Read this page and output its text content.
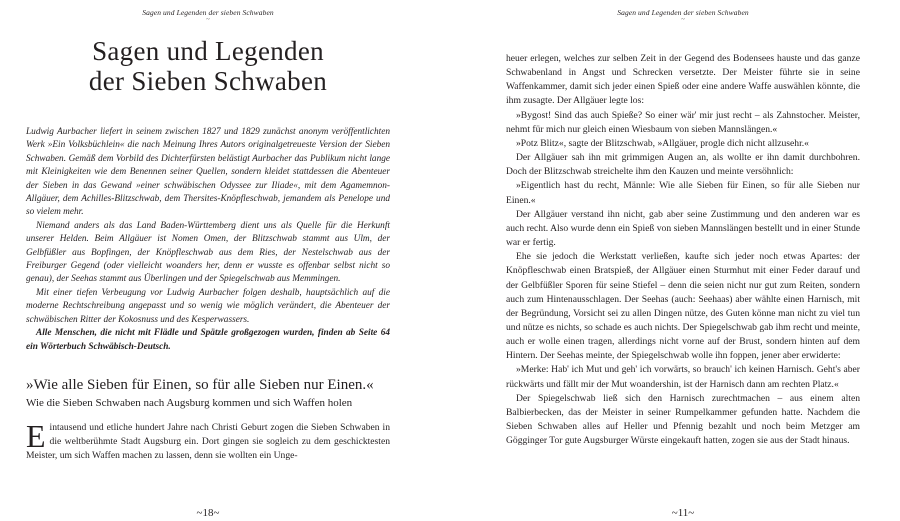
Sagen und Legenden der sieben Schwaben
~
Sagen und Legenden
der Sieben Schwaben

Ludwig Aurbacher liefert in seinem zwischen 1827 und 1829 zunächst anonym veröffentlichten Werk »Ein Volksbüchlein« die nach Meinung Ihres Autors originalgetreueste Version der Sieben Schwaben. Gemäß dem Vorbild des Dichterfürsten belästigt Aurbacher das Publikum nicht lange mit Kleinigkeiten wie dem Benennen seiner Quellen, sondern kleidet stattdessen die Abenteuer der Sieben in das Gewand »einer schwäbischen Odyssee zur Iliade«, mit dem Agamemnon-Allgäuer, dem Achilles-Blitzschwab, dem Thersites-Knöpfleschwab, jemandem als Penelope und so vielem mehr.

Niemand anders als das Land Baden-Württemberg dient uns als Quelle für die Herkunft unserer Helden. Beim Allgäuer ist Nomen Omen, der Blitzschwab stammt aus Ulm, der Gelbfüßler aus Bopfingen, der Knöpfleschwab aus dem Ries, der Nestelschwab aus der Freiburger Gegend (oder vielleicht woanders her, denn er wusste es offenbar selbst nicht so genau), der Seehas stammt aus Überlingen und der Spiegelschwab aus Memmingen.

Mit einer tiefen Verbeugung vor Ludwig Aurbacher folgen deshalb, hauptsächlich auf die moderne Rechtschreibung angepasst und so wenig wie möglich verändert, die Abenteuer der schwäbischen Ritter der Kokosnuss und des Kesperwassers.

Alle Menschen, die nicht mit Flädle und Spätzle großgezogen wurden, finden ab Seite 64 ein Wörterbuch Schwäbisch-Deutsch.

»Wie alle Sieben für Einen, so für alle Sieben nur Einen.«
Wie die Sieben Schwaben nach Augsburg kommen und sich Waffen holen

Eintausend und etliche hundert Jahre nach Christi Geburt zogen die Sieben Schwaben in die weltberühmte Stadt Augsburg ein. Dort gingen sie sogleich zu dem geschicktesten Meister, um sich Waffen machen zu lassen, denn sie wollten ein Unge-

~18~
Sagen und Legenden der sieben Schwaben
~

heuer erlegen, welches zur selben Zeit in der Gegend des Bodensees hauste und das ganze Schwabenland in Angst und Schrecken versetzte. Der Meister führte sie in seine Waffenkammer, damit sich jeder einen Spieß oder eine andere Waffe auswählen könnte, die ihm zusagte. Der Allgäuer legte los:

»Bygost! Sind das auch Spieße? So einer wär' mir just recht – als Zahnstocher. Meister, nehmt für mich nur gleich einen Wiesbaum von sieben Mannslängen.«

»Potz Blitz«, sagte der Blitzschwab, »Allgäuer, progle dich nicht allzusehr.«

Der Allgäuer sah ihn mit grimmigen Augen an, als wollte er ihn damit durchbohren. Doch der Blitzschwab streichelte ihm den Kauzen und meinte versöhnlich:

»Eigentlich hast du recht, Männle: Wie alle Sieben für Einen, so für alle Sieben nur Einen.«

Der Allgäuer verstand ihn nicht, gab aber seine Zustimmung und den anderen war es auch recht. Also wurde denn ein Spieß von sieben Mannslängen bestellt und in einer Stunde war er fertig.

Ehe sie jedoch die Werkstatt verließen, kaufte sich jeder noch etwas Apartes: der Knöpfleschwab einen Bratspieß, der Allgäuer einen Sturmhut mit einer Feder darauf und der Gelbfüßler Sporen für seine Stiefel – denn die seien nicht nur gut zum Reiten, sondern auch zum Hintenausschlagen. Der Seehas (auch: Seehaas) aber wählte einen Harnisch, mit der Begründung, Vorsicht sei zu allen Dingen nütze, des Guten könne man nicht zu viel tun und nütze es nichts, so schade es auch nichts. Der Spiegelschwab gab ihm recht und meinte, auch er wolle einen tragen, allerdings nicht vorne auf der Brust, sondern hinten auf dem Hintern. Der Seehas meinte, der Spiegelschwab wolle ihn foppen, jener aber erwiderte:

»Merke: Hab' ich Mut und geh' ich vorwärts, so brauch' ich keinen Harnisch. Geht's aber rückwärts und fällt mir der Mut woandershin, ist der Harnisch dann am rechten Platz.«

Der Spiegelschwab ließ sich den Harnisch zurechtmachen – aus einem alten Balbierbecken, das der Meister in seiner Rumpelkammer gefunden hatte. Nachdem die Sieben Schwaben alles auf Heller und Pfennig bezahlt und noch beim Metzger am Gögginger Tor gute Augsburger Würste eingekauft hatten, zogen sie aus der Stadt hinaus.

~11~
